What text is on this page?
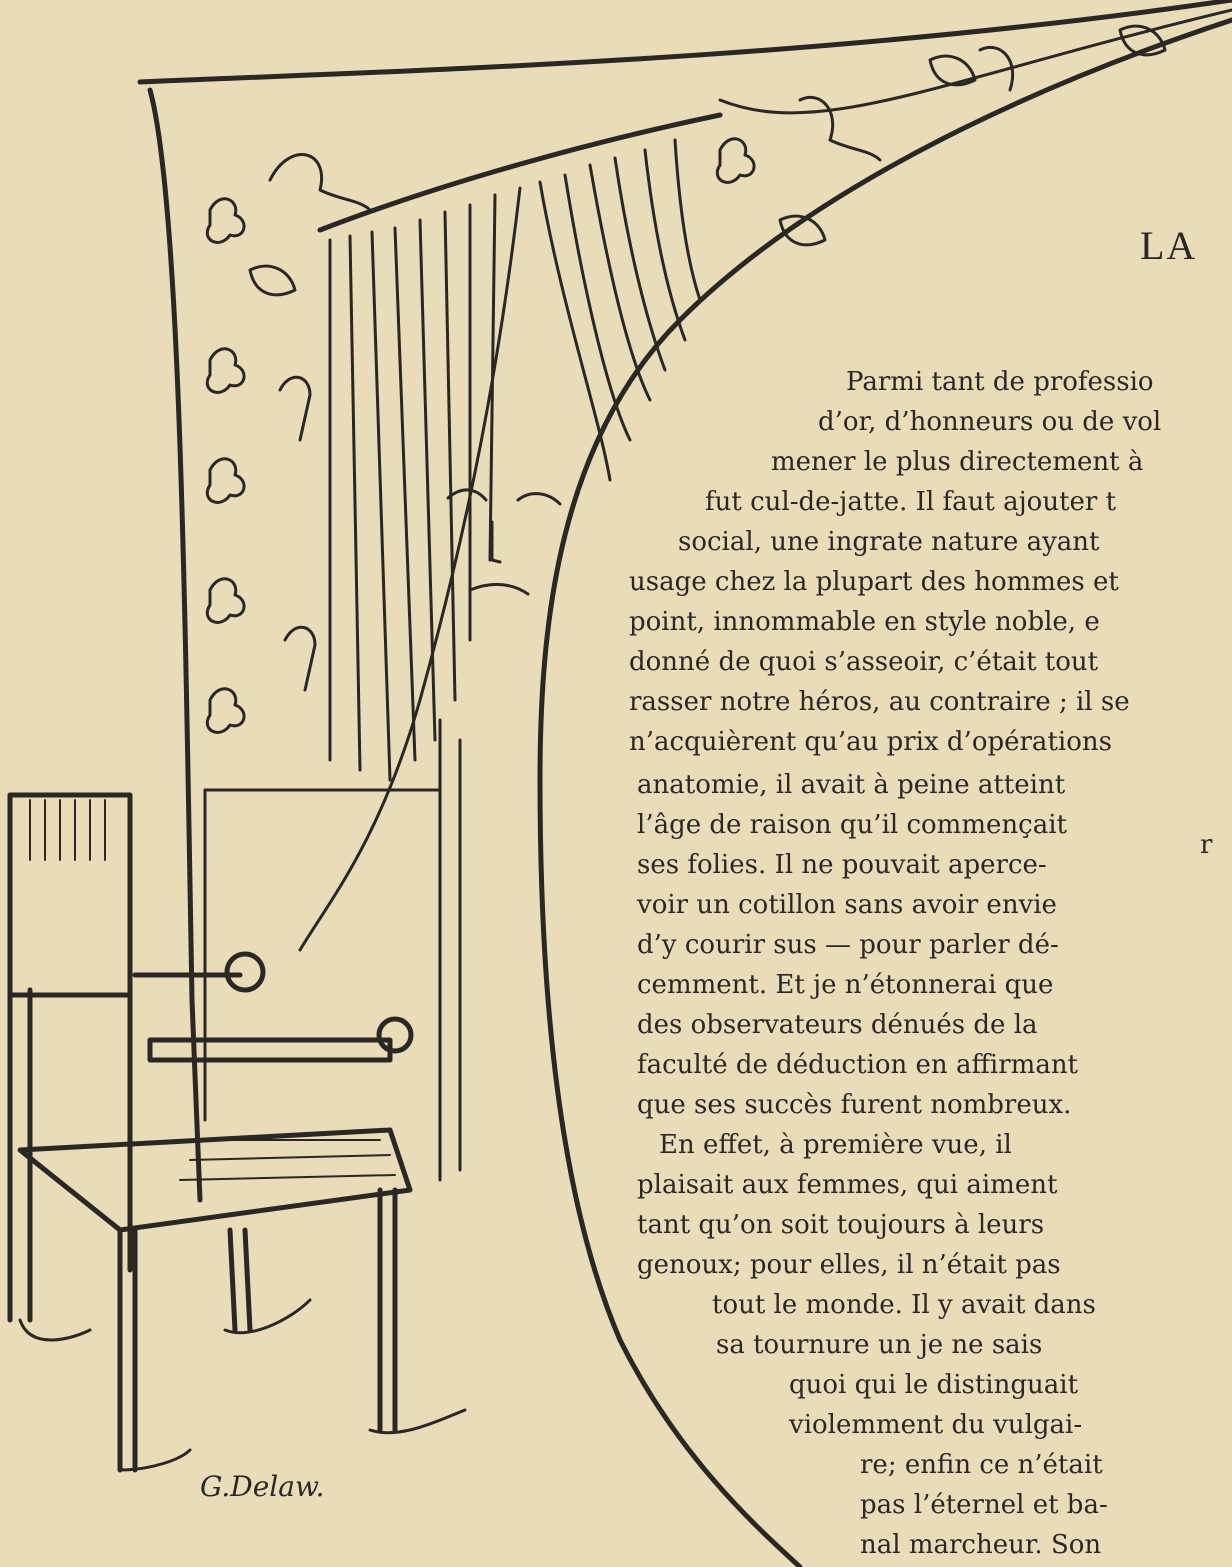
LA
Parmi tant de professio
d’or, d’honneurs ou de vol
mener le plus directement à
fut cul-de-jatte. Il faut ajouter t
social, une ingrate nature ayant
usage chez la plupart des hommes et
point, innommable en style noble, e
donné de quoi s’asseoir, c’était tout
rasser notre héros, au contraire ; il se
n’acquièrent qu’au prix d’opérations
anatomie, il avait à peine atteint
l’âge de raison qu’il commençait
ses folies. Il ne pouvait aperce-
voir un cotillon sans avoir envie
d’y courir sus — pour parler dé-
cemment. Et je n’étonnerai que
des observateurs dénués de la
faculté de déduction en affirmant
que ses succès furent nombreux.
En effet, à première vue, il
plaisait aux femmes, qui aiment
tant qu’on soit toujours à leurs
genoux; pour elles, il n’était pas
tout le monde. Il y avait dans
sa tournure un je ne sais
quoi qui le distinguait
violemment du vulgai-
re; enfin ce n’était
pas l’éternel et ba-
nal marcheur. Son
r
G.Delaw.
